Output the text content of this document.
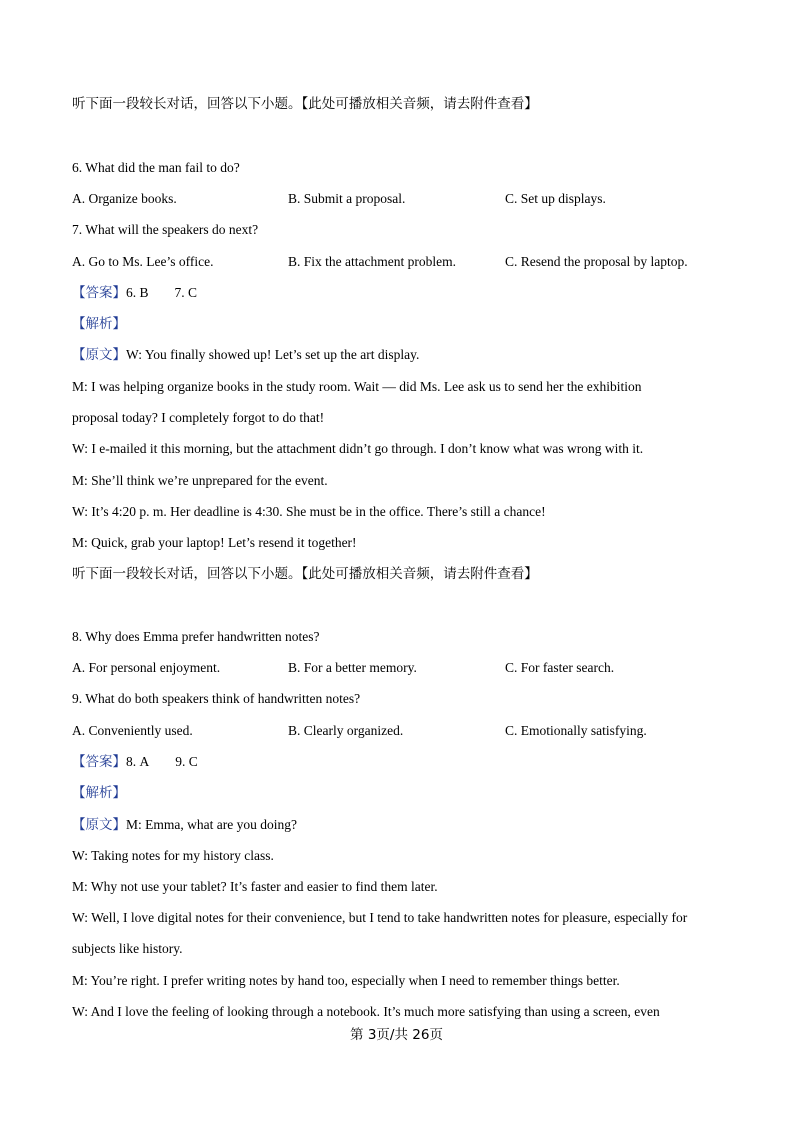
听下面一段较长对话，回答以下小题。【此处可播放相关音频，请去附件查看】
6. What did the man fail to do?
A. Organize books.	B. Submit a proposal.	C. Set up displays.
7. What will the speakers do next?
A. Go to Ms. Lee’s office.	B. Fix the attachment problem.	C. Resend the proposal by laptop.
【答案】6. B 7. C
【解析】
【原文】W: You finally showed up! Let’s set up the art display.
M: I was helping organize books in the study room. Wait — did Ms. Lee ask us to send her the exhibition
proposal today? I completely forgot to do that!
W: I e-mailed it this morning, but the attachment didn’t go through. I don’t know what was wrong with it.
M: She’ll think we’re unprepared for the event.
W: It’s 4:20 p. m. Her deadline is 4:30. She must be in the office. There’s still a chance!
M: Quick, grab your laptop! Let’s resend it together!
听下面一段较长对话，回答以下小题。【此处可播放相关音频，请去附件查看】
8. Why does Emma prefer handwritten notes?
A. For personal enjoyment.	B. For a better memory.	C. For faster search.
9. What do both speakers think of handwritten notes?
A. Conveniently used.	B. Clearly organized.	C. Emotionally satisfying.
【答案】8. A 9. C
【解析】
【原文】M: Emma, what are you doing?
W: Taking notes for my history class.
M: Why not use your tablet? It’s faster and easier to find them later.
W: Well, I love digital notes for their convenience, but I tend to take handwritten notes for pleasure, especially for
subjects like history.
M: You’re right. I prefer writing notes by hand too, especially when I need to remember things better.
W: And I love the feeling of looking through a notebook. It’s much more satisfying than using a screen, even
第 3页/共 26页
